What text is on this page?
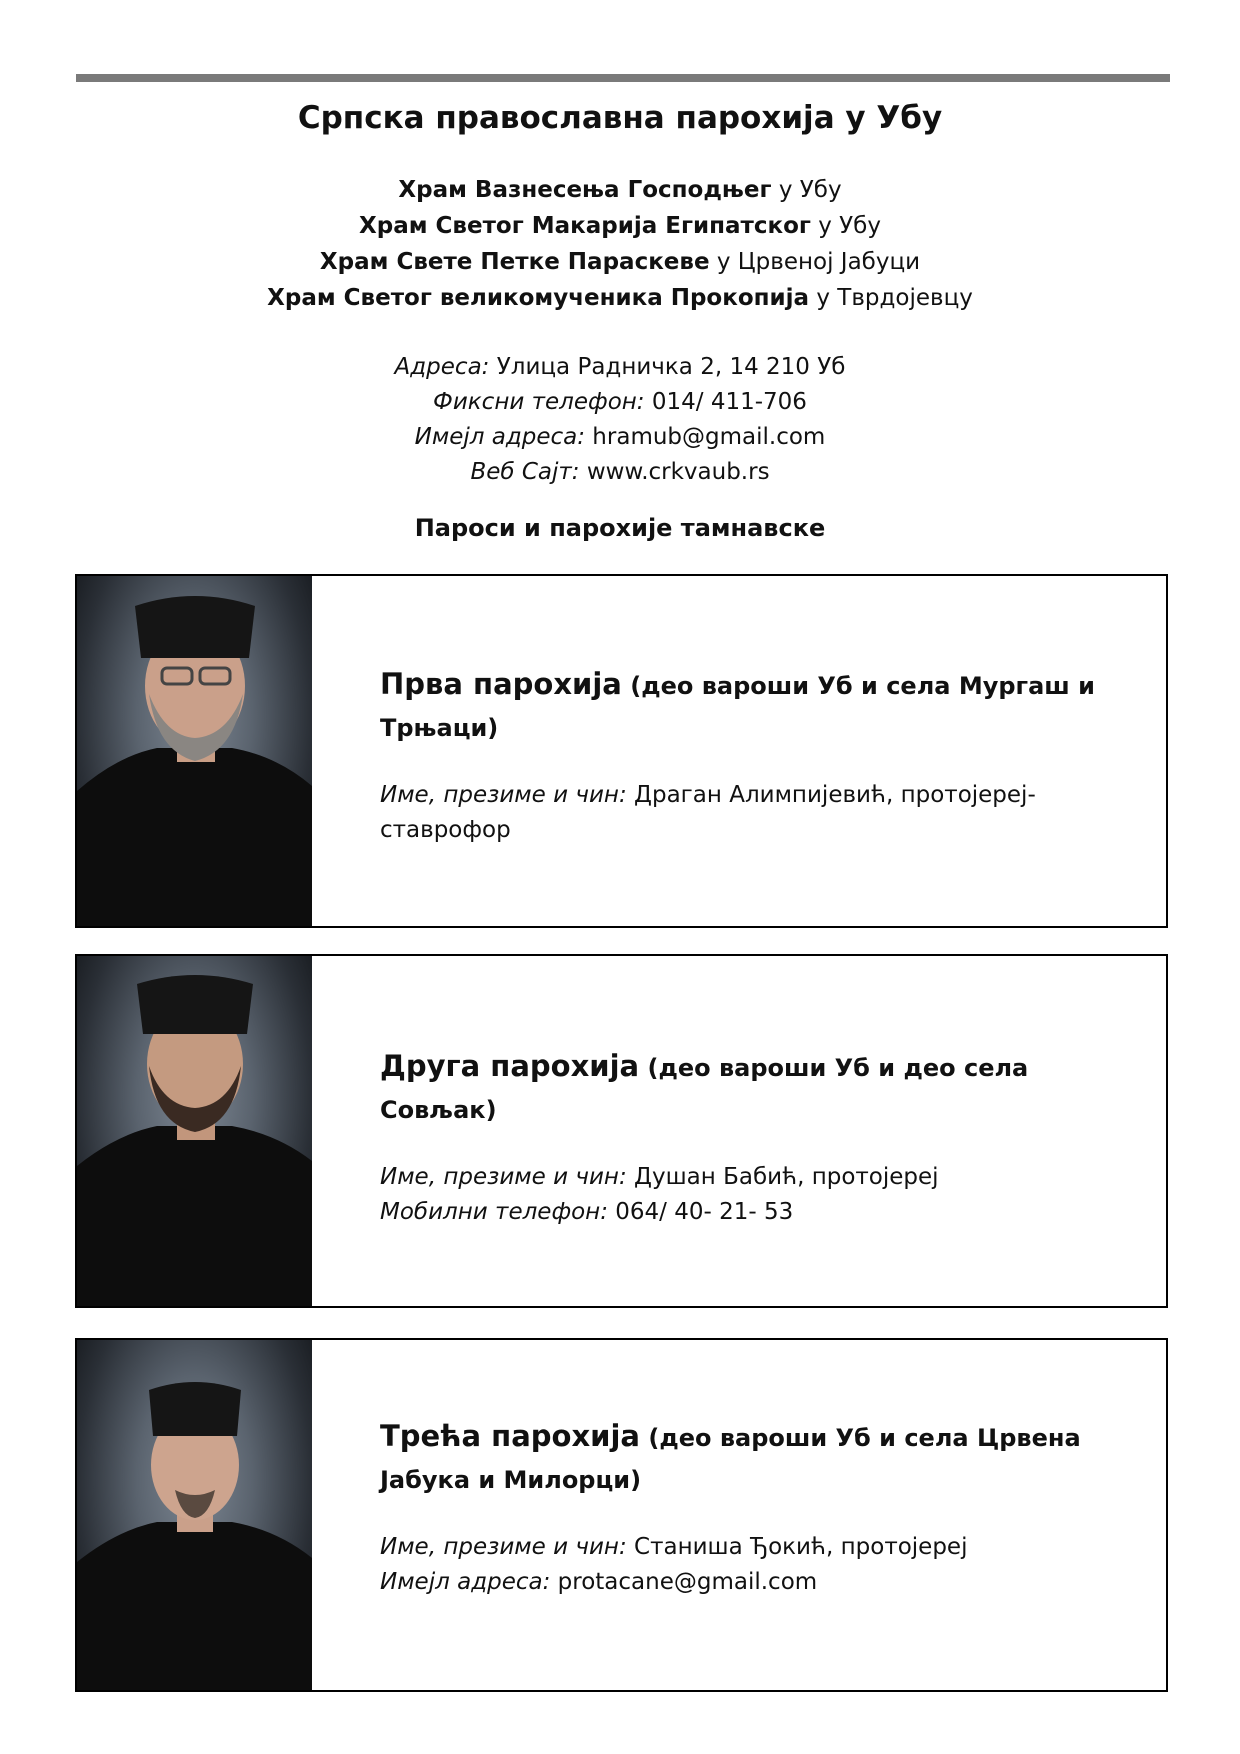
Српска православна парохија у Убу
Храм Вазнесења Господњег у Убу
Храм Светог Макарија Египатског у Убу
Храм Свете Петке Параскеве у Црвеној Јабуци
Храм Светог великомученика Прокопија у Тврдојевцу
Адреса: Улица Радничка 2, 14 210 Уб
Фиксни телефон: 014/ 411-706
Имејл адреса: hramub@gmail.com
Веб Сајт: www.crkvaub.rs
Пароси и парохије тамнавске
Прва парохија (део вароши Уб и села Мургаш и Трњаци)
Име, презиме и чин: Драган Алимпијевић, протојереј-ставрофор
Друга парохија (део вароши Уб и део села Совљак)
Име, презиме и чин: Душан Бабић, протојереј
Мобилни телефон: 064/ 40- 21- 53
Трећа парохија (део вароши Уб и села Црвена Јабука и Милорци)
Име, презиме и чин: Станиша Ђокић, протојереј
Имејл адреса: protacane@gmail.com
